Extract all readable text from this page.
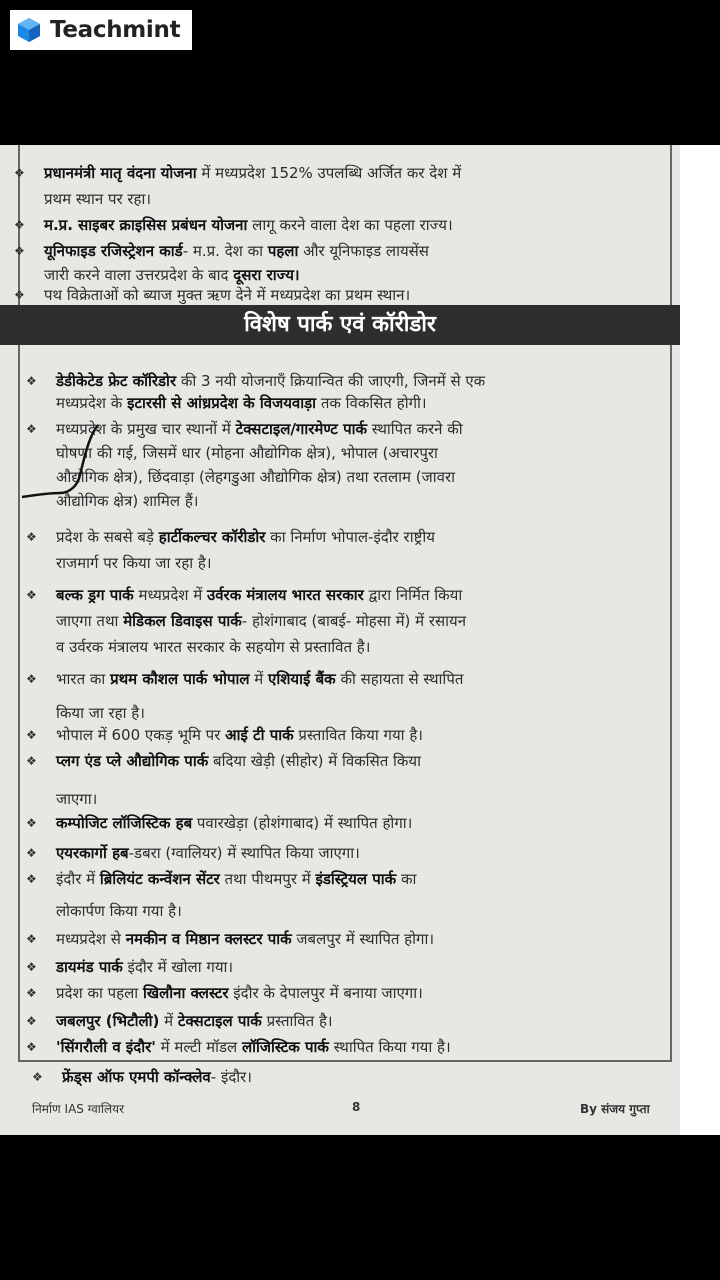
Teachmint
❖ प्रधानमंत्री मातृ वंदना योजना में मध्यप्रदेश 152% उपलब्धि अर्जित कर देश में
प्रथम स्थान पर रहा।
❖ म.प्र. साइबर क्राइसिस प्रबंधन योजना लागू करने वाला देश का पहला राज्य।
❖ यूनिफाइड रजिस्ट्रेशन कार्ड- म.प्र. देश का पहला और यूनिफाइड लायसेंस
जारी करने वाला उत्तरप्रदेश के बाद दूसरा राज्य।
❖ पथ विक्रेताओं को ब्याज मुक्त ऋण देने में मध्यप्रदेश का प्रथम स्थान।
❖ डेडीकेटेड फ्रेट कॉरिडोर की 3 नयी योजनाएँ क्रियान्वित की जाएगी, जिनमें से एक
मध्यप्रदेश के इटारसी से आंध्रप्रदेश के विजयवाड़ा तक विकसित होगी।
❖ मध्यप्रदेश के प्रमुख चार स्थानों में टेक्सटाइल/गारमेण्ट पार्क स्थापित करने की
घोषणा की गई, जिसमें धार (मोहना औद्योगिक क्षेत्र), भोपाल (अचारपुरा
औद्योगिक क्षेत्र), छिंदवाड़ा (लेहगडुआ औद्योगिक क्षेत्र) तथा रतलाम (जावरा
औद्योगिक क्षेत्र) शामिल हैं।
❖ प्रदेश के सबसे बड़े हार्टीकल्चर कॉरीडोर का निर्माण भोपाल-इंदौर राष्ट्रीय
राजमार्ग पर किया जा रहा है।
❖ बल्क ड्रग पार्क मध्यप्रदेश में उर्वरक मंत्रालय भारत सरकार द्वारा निर्मित किया
जाएगा तथा मेडिकल डिवाइस पार्क- होशंगाबाद (बाबई- मोहसा में) में रसायन
व उर्वरक मंत्रालय भारत सरकार के सहयोग से प्रस्तावित है।
❖ भारत का प्रथम कौशल पार्क भोपाल में एशियाई बैंक की सहायता से स्थापित
किया जा रहा है।
❖ भोपाल में 600 एकड़ भूमि पर आई टी पार्क प्रस्तावित किया गया है।
❖ प्लग एंड प्ले औद्योगिक पार्क बदिया खेड़ी (सीहोर) में विकसित किया
जाएगा।
❖ कम्पोजिट लॉजिस्टिक हब पवारखेड़ा (होशंगाबाद) में स्थापित होगा।
❖ एयरकार्गो हब-डबरा (ग्वालियर) में स्थापित किया जाएगा।
❖ इंदौर में ब्रिलियंट कन्वेंशन सेंटर तथा पीथमपुर में इंडस्ट्रियल पार्क का
लोकार्पण किया गया है।
❖ मध्यप्रदेश से नमकीन व मिष्ठान क्लस्टर पार्क जबलपुर में स्थापित होगा।
❖ डायमंड पार्क इंदौर में खोला गया।
❖ प्रदेश का पहला खिलौना क्लस्टर इंदौर के देपालपुर में बनाया जाएगा।
❖ जबलपुर (भिटौली) में टेक्सटाइल पार्क प्रस्तावित है।
❖ 'सिंगरौली व इंदौर' में मल्टी मॉडल लॉजिस्टिक पार्क स्थापित किया गया है।
❖ फ्रेंड्स ऑफ एमपी कॉन्क्लेव- इंदौर।
विशेष पार्क एवं कॉरीडोर
निर्माण IAS ग्वालियर	8	By संजय गुप्ता
